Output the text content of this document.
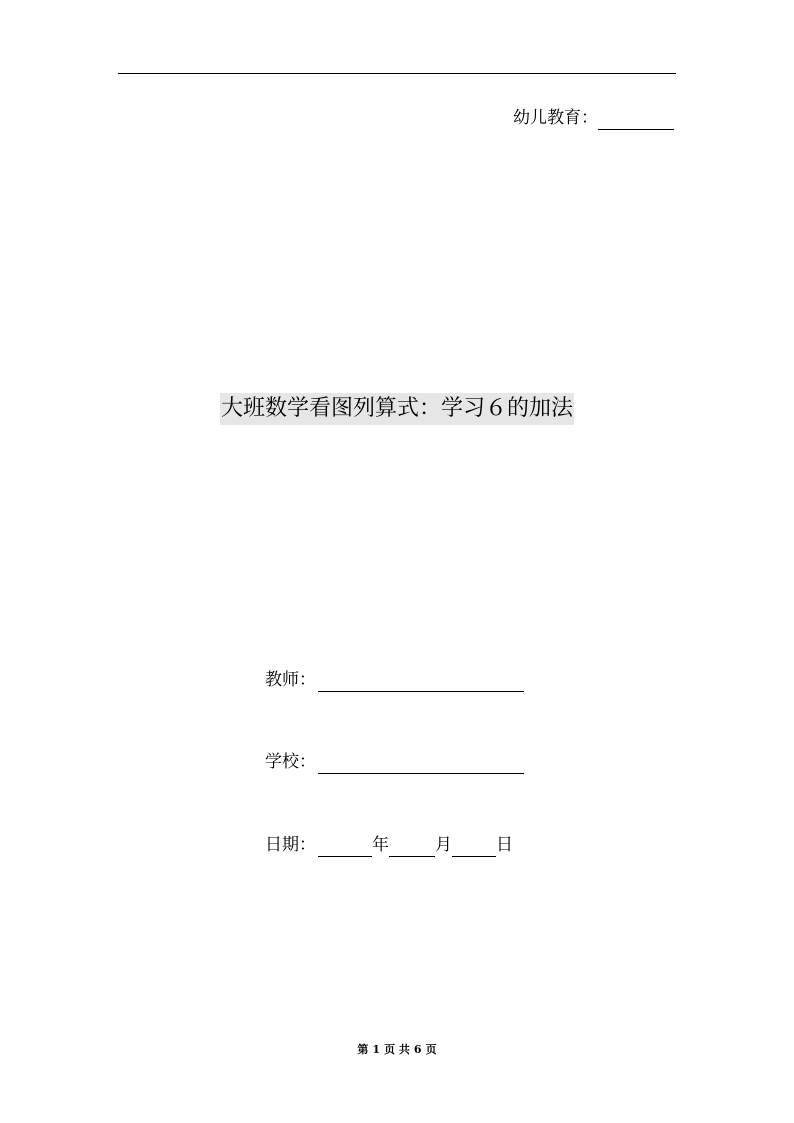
幼儿教育：
大班数学看图列算式：学习６的加法
教师：
学校：
日期：	年	月	日
第 1 页 共 6 页
